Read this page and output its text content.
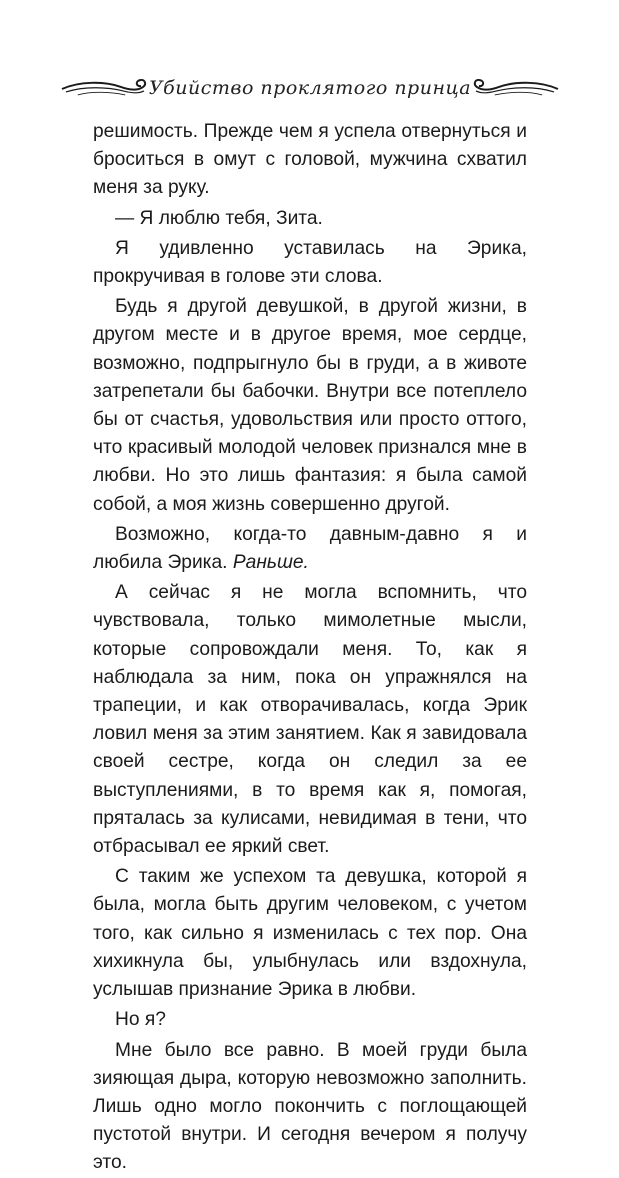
Убийство проклятого принца

решимость. Прежде чем я успела отвернуться и броситься в омут с головой, мужчина схватил меня за руку.

— Я люблю тебя, Зита.

Я удивленно уставилась на Эрика, прокручивая в голове эти слова.

Будь я другой девушкой, в другой жизни, в другом месте и в другое время, мое сердце, возможно, подпрыгнуло бы в груди, а в животе затрепетали бы бабочки. Внутри все потеплело бы от счастья, удовольствия или просто оттого, что красивый молодой человек признался мне в любви. Но это лишь фантазия: я была самой собой, а моя жизнь совершенно другой.

Возможно, когда-то давным-давно я и любила Эрика. Раньше.

А сейчас я не могла вспомнить, что чувствовала, только мимолетные мысли, которые сопровождали меня. То, как я наблюдала за ним, пока он упражнялся на трапеции, и как отворачивалась, когда Эрик ловил меня за этим занятием. Как я завидовала своей сестре, когда он следил за ее выступлениями, в то время как я, помогая, пряталась за кулисами, невидимая в тени, что отбрасывал ее яркий свет.

С таким же успехом та девушка, которой я была, могла быть другим человеком, с учетом того, как сильно я изменилась с тех пор. Она хихикнула бы, улыбнулась или вздохнула, услышав признание Эрика в любви.

Но я?

Мне было все равно. В моей груди была зияющая дыра, которую невозможно заполнить. Лишь одно могло покончить с поглощающей пустотой внутри. И сегодня вечером я получу это.
